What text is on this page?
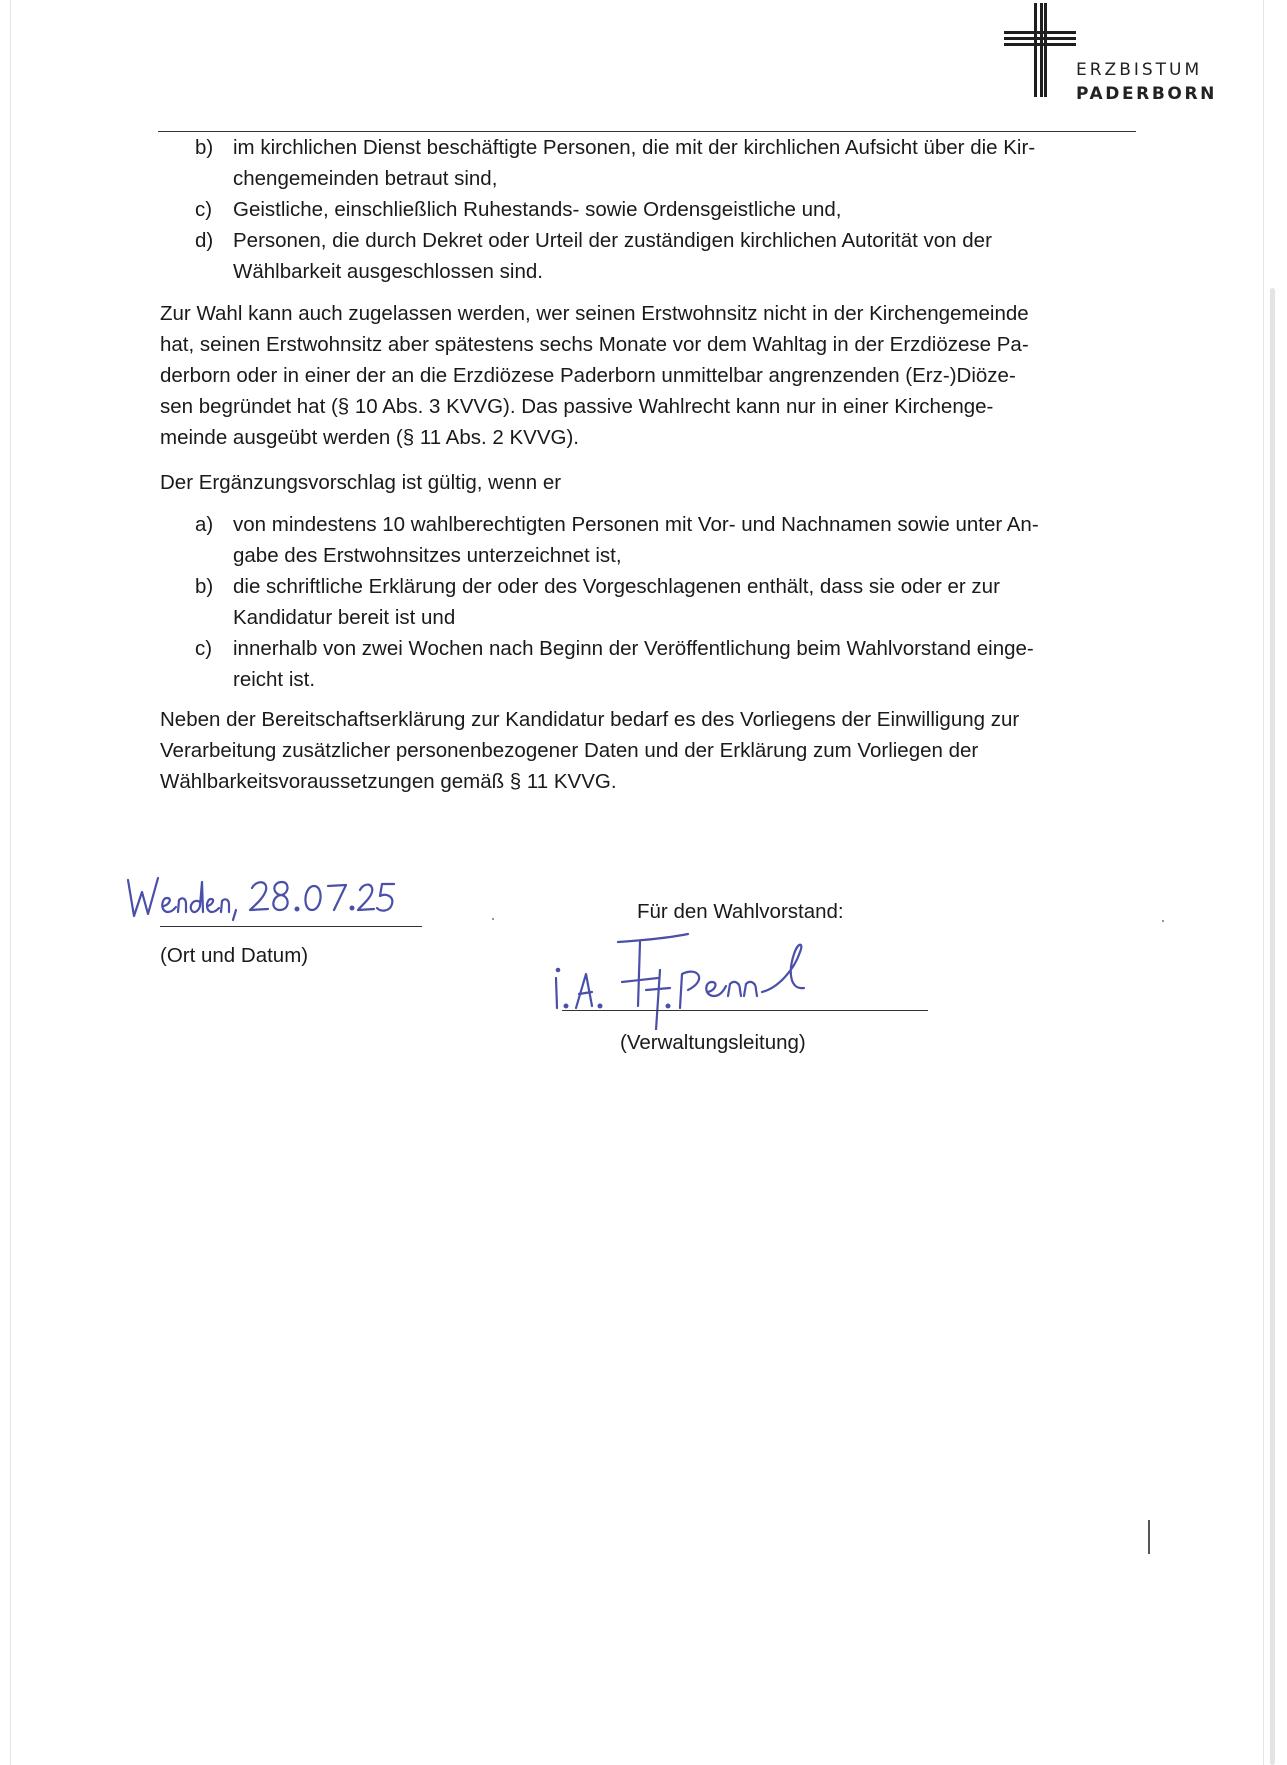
ERZBISTUM
PADERBORN
b) im kirchlichen Dienst beschäftigte Personen, die mit der kirchlichen Aufsicht über die Kir-
chengemeinden betraut sind,
c) Geistliche, einschließlich Ruhestands- sowie Ordensgeistliche und,
d) Personen, die durch Dekret oder Urteil der zuständigen kirchlichen Autorität von der
Wählbarkeit ausgeschlossen sind.
Zur Wahl kann auch zugelassen werden, wer seinen Erstwohnsitz nicht in der Kirchengemeinde
hat, seinen Erstwohnsitz aber spätestens sechs Monate vor dem Wahltag in der Erzdiözese Pa-
derborn oder in einer der an die Erzdiözese Paderborn unmittelbar angrenzenden (Erz-)Diöze-
sen begründet hat (§ 10 Abs. 3 KVVG). Das passive Wahlrecht kann nur in einer Kirchenge-
meinde ausgeübt werden (§ 11 Abs. 2 KVVG).
Der Ergänzungsvorschlag ist gültig, wenn er
a) von mindestens 10 wahlberechtigten Personen mit Vor- und Nachnamen sowie unter An-
gabe des Erstwohnsitzes unterzeichnet ist,
b) die schriftliche Erklärung der oder des Vorgeschlagenen enthält, dass sie oder er zur
Kandidatur bereit ist und
c) innerhalb von zwei Wochen nach Beginn der Veröffentlichung beim Wahlvorstand einge-
reicht ist.
Neben der Bereitschaftserklärung zur Kandidatur bedarf es des Vorliegens der Einwilligung zur
Verarbeitung zusätzlicher personenbezogener Daten und der Erklärung zum Vorliegen der
Wählbarkeitsvoraussetzungen gemäß § 11 KVVG.
(Ort und Datum)
Für den Wahlvorstand:
(Verwaltungsleitung)
